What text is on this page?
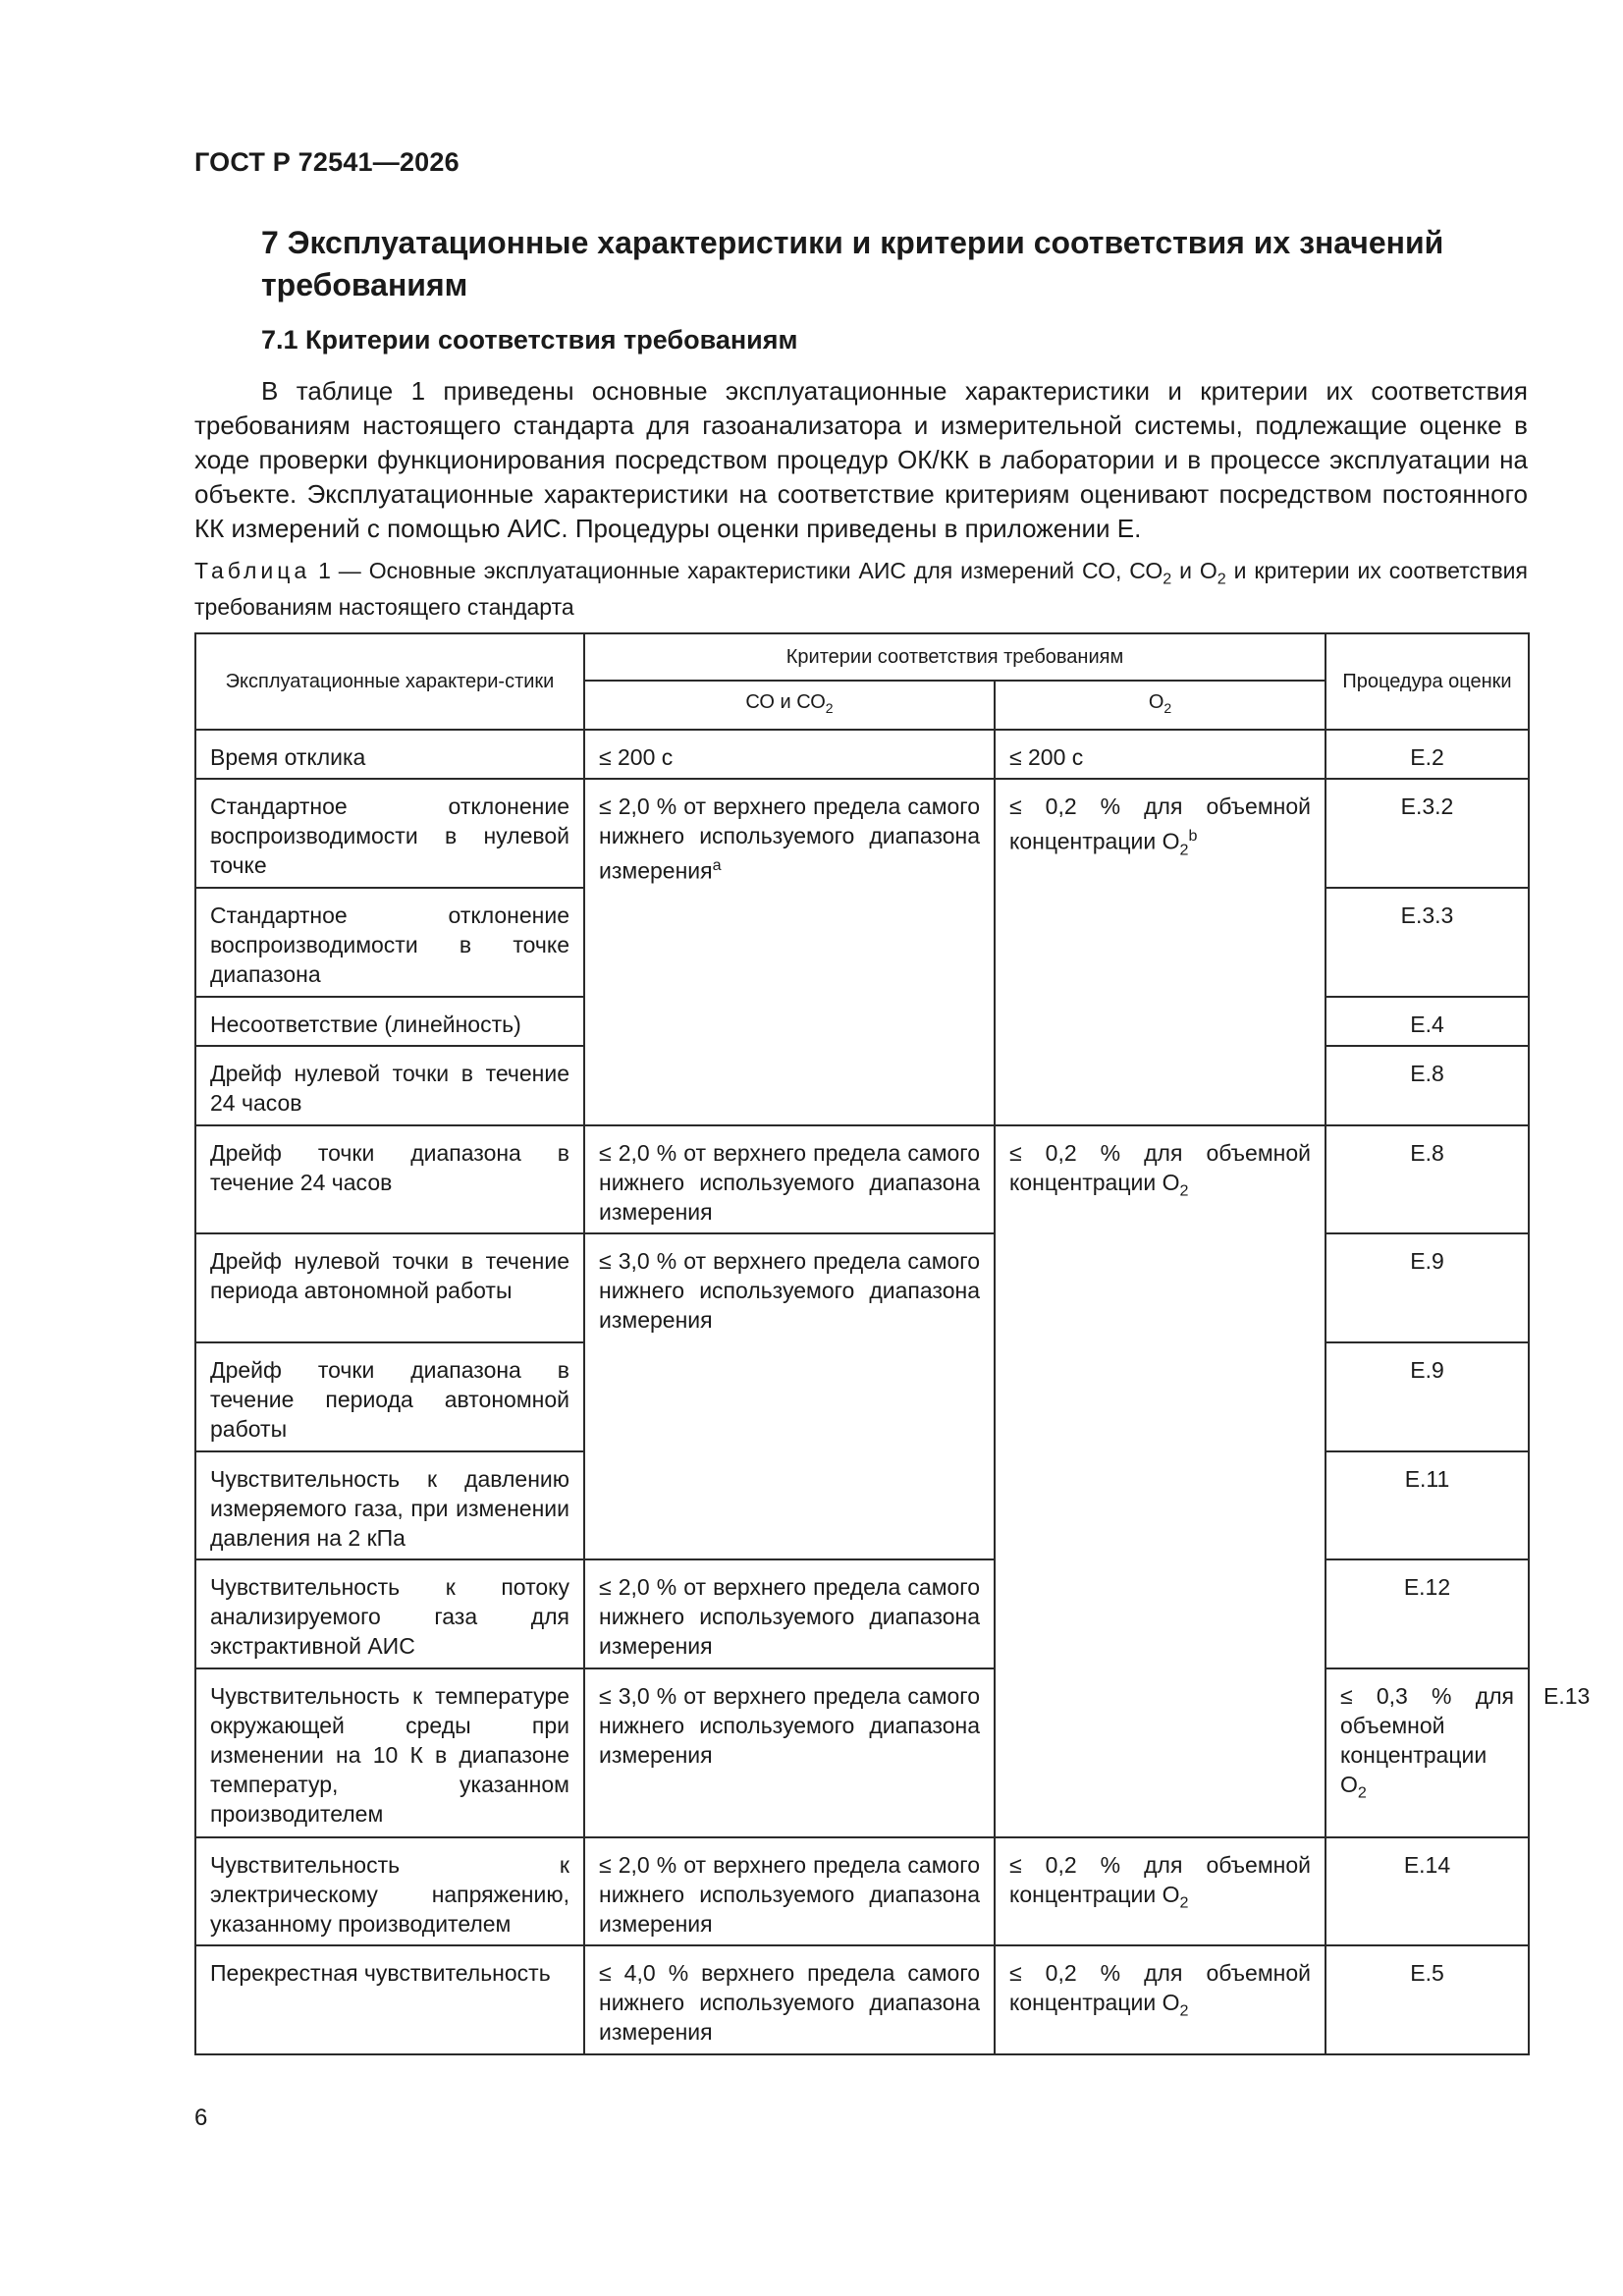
ГОСТ Р 72541—2026
7 Эксплуатационные характеристики и критерии соответствия их значений требованиям
7.1 Критерии соответствия требованиям
В таблице 1 приведены основные эксплуатационные характеристики и критерии их соответствия требованиям настоящего стандарта для газоанализатора и измерительной системы, подлежащие оценке в ходе проверки функционирования посредством процедур ОК/КК в лаборатории и в процессе эксплуатации на объекте. Эксплуатационные характеристики на соответствие критериям оценивают посредством постоянного КК измерений с помощью АИС. Процедуры оценки приведены в приложении Е.
Таблица 1 — Основные эксплуатационные характеристики АИС для измерений СО, $СО_2$ и $О_2$ и критерии их соответствия требованиям настоящего стандарта
Эксплуатационные характери-стики	Критерии соответствия требованиям		Процедура оценки	
	СО и $СО_2$	$О_2$
Время отклика	≤ 200 с	≤ 200 с	Е.2	
Стандартное отклонение воспроизводимости в нулевой точке	≤ 2,0 % от верхнего предела самого нижнего используемого диапазона измерения$^a$	≤ 0,2 % для объемной концентрации $О_2^b$	Е.3.2	
Стандартное отклонение воспроизводимости в точке диапазона			Е.3.3	
Несоответствие (линейность)			Е.4	
Дрейф нулевой точки в течение 24 часов			Е.8	
Дрейф точки диапазона в течение 24 часов	≤ 2,0 % от верхнего предела самого нижнего используемого диапазона измерения	≤ 0,2 % для объемной концентрации $О_2$	Е.8	
Дрейф нулевой точки в течение периода автономной работы	≤ 3,0 % от верхнего предела самого нижнего используемого диапазона измерения		Е.9	
Дрейф точки диапазона в течение периода автономной работы			Е.9	
Чувствительность к давлению измеряемого газа, при изменении давления на 2 кПа			Е.11	
Чувствительность к потоку анализируемого газа для экстрактивной АИС	≤ 2,0 % от верхнего предела самого нижнего используемого диапазона измерения		Е.12	
Чувствительность к температуре окружающей среды при изменении на 10 К в диапазоне температур, указанном производителем	≤ 3,0 % от верхнего предела самого нижнего используемого диапазона измерения		≤ 0,3 % для объемной концентрации $О_2$	Е.13
Чувствительность к электрическому напряжению, указанному производителем	≤ 2,0 % от верхнего предела самого нижнего используемого диапазона измерения	≤ 0,2 % для объемной концентрации $О_2$	Е.14	
Перекрестная чувствительность	≤ 4,0 % верхнего предела самого нижнего используемого диапазона измерения	≤ 0,2 % для объемной концентрации $О_2$	Е.5	
6
